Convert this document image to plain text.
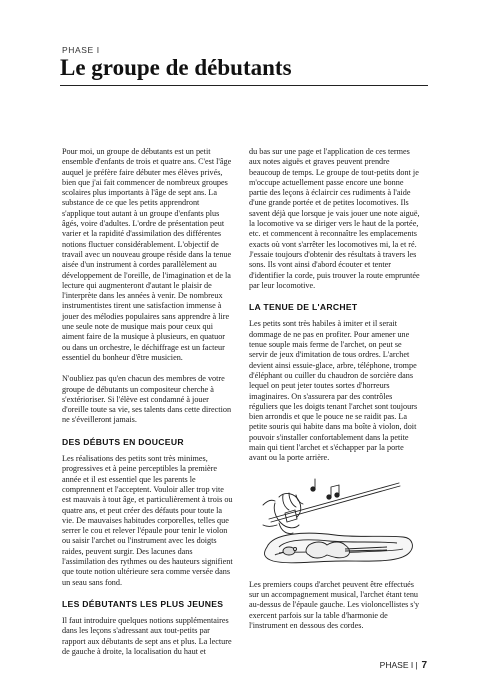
PHASE I
Le groupe de débutants

Pour moi, un groupe de débutants est un petit ensemble d'enfants de trois et quatre ans. C'est l'âge auquel je préfère faire débuter mes élèves privés, bien que j'ai fait commencer de nombreux groupes scolaires plus importants à l'âge de sept ans. La substance de ce que les petits apprendront s'applique tout autant à un groupe d'enfants plus âgés, voire d'adultes. L'ordre de présentation peut varier et la rapidité d'assimilation des différentes notions fluctuer considérablement. L'objectif de travail avec un nouveau groupe réside dans la tenue aisée d'un instrument à cordes parallèlement au développement de l'oreille, de l'imagination et de la lecture qui augmenteront d'autant le plaisir de l'interprète dans les années à venir. De nombreux instrumentistes tirent une satisfaction immense à jouer des mélodies populaires sans apprendre à lire une seule note de musique mais pour ceux qui aiment faire de la musique à plusieurs, en quatuor ou dans un orchestre, le déchiffrage est un facteur essentiel du bonheur d'être musicien.

N'oubliez pas qu'en chacun des membres de votre groupe de débutants un compositeur cherche à s'extérioriser. Si l'élève est condamné à jouer d'oreille toute sa vie, ses talents dans cette direction ne s'éveilleront jamais.

DES DÉBUTS EN DOUCEUR

Les réalisations des petits sont très minimes, progressives et à peine perceptibles la première année et il est essentiel que les parents le comprennent et l'acceptent. Vouloir aller trop vite est mauvais à tout âge, et particulièrement à trois ou quatre ans, et peut créer des défauts pour toute la vie. De mauvaises habitudes corporelles, telles que serrer le cou et relever l'épaule pour tenir le violon ou saisir l'archet ou l'instrument avec les doigts raides, peuvent surgir. Des lacunes dans l'assimilation des rythmes ou des hauteurs signifient que toute notion ultérieure sera comme versée dans un seau sans fond.

LES DÉBUTANTS LES PLUS JEUNES

Il faut introduire quelques notions supplémentaires dans les leçons s'adressant aux tout-petits par rapport aux débutants de sept ans et plus. La lecture de gauche à droite, la localisation du haut et

du bas sur une page et l'application de ces termes aux notes aiguës et graves peuvent prendre beaucoup de temps. Le groupe de tout-petits dont je m'occupe actuellement passe encore une bonne partie des leçons à éclaircir ces rudiments à l'aide d'une grande portée et de petites locomotives. Ils savent déjà que lorsque je vais jouer une note aiguë, la locomotive va se diriger vers le haut de la portée, etc. et commencent à reconnaître les emplacements exacts où vont s'arrêter les locomotives mi, la et ré. J'essaie toujours d'obtenir des résultats à travers les sons. Ils vont ainsi d'abord écouter et tenter d'identifier la corde, puis trouver la route empruntée par leur locomotive.

LA TENUE DE L'ARCHET

Les petits sont très habiles à imiter et il serait dommage de ne pas en profiter. Pour amener une tenue souple mais ferme de l'archet, on peut se servir de jeux d'imitation de tous ordres. L'archet devient ainsi essuie-glace, arbre, téléphone, trompe d'éléphant ou cuiller du chaudron de sorcière dans lequel on peut jeter toutes sortes d'horreurs imaginaires. On s'assurera par des contrôles réguliers que les doigts tenant l'archet sont toujours bien arrondis et que le pouce ne se raidit pas. La petite souris qui habite dans ma boîte à violon, doit pouvoir s'installer confortablement dans la petite main qui tient l'archet et s'échapper par la porte avant ou la porte arrière.

Les premiers coups d'archet peuvent être effectués sur un accompagnement musical, l'archet étant tenu au-dessus de l'épaule gauche. Les violoncellistes s'y exercent parfois sur la table d'harmonie de l'instrument en dessous des cordes.

PHASE I | 7
